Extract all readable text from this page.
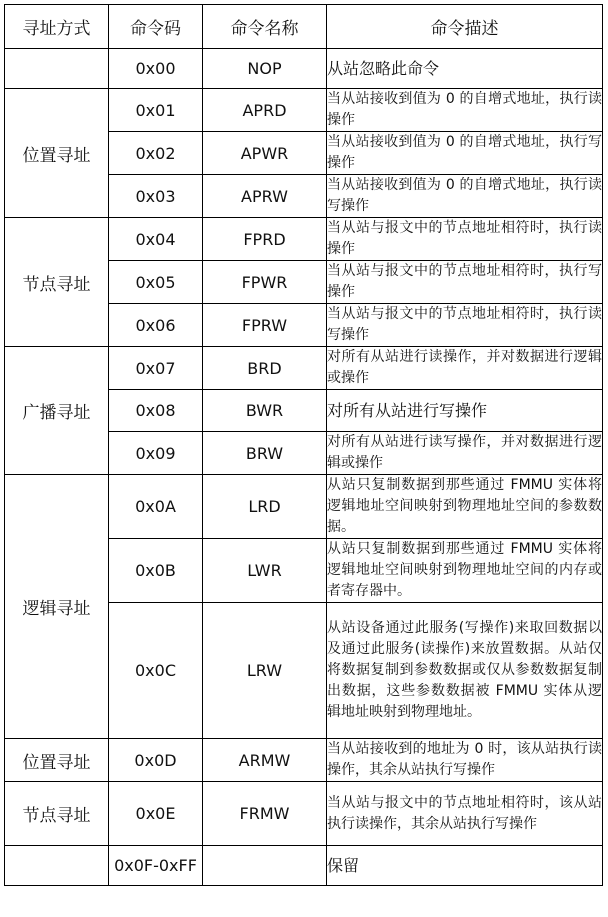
寻址方式	命令码	命令名称	命令描述
	0x00	NOP	从站忽略此命令
位置寻址	0x01	APRD	当从站接收到值为 0 的自增式地址，执行读操作
	0x02	APWR	当从站接收到值为 0 的自增式地址，执行写操作
	0x03	APRW	当从站接收到值为 0 的自增式地址，执行读写操作
节点寻址	0x04	FPRD	当从站与报文中的节点地址相符时，执行读操作
	0x05	FPWR	当从站与报文中的节点地址相符时，执行写操作
	0x06	FPRW	当从站与报文中的节点地址相符时，执行读写操作
广播寻址	0x07	BRD	对所有从站进行读操作，并对数据进行逻辑或操作
	0x08	BWR	对所有从站进行写操作
	0x09	BRW	对所有从站进行读写操作，并对数据进行逻辑或操作
逻辑寻址	0x0A	LRD	从站只复制数据到那些通过 FMMU 实体将逻辑地址空间映射到物理地址空间的参数数据。
	0x0B	LWR	从站只复制数据到那些通过 FMMU 实体将逻辑地址空间映射到物理地址空间的内存或者寄存器中。
	0x0C	LRW	从站设备通过此服务(写操作)来取回数据以及通过此服务(读操作)来放置数据。从站仅将数据复制到参数数据或仅从参数数据复制出数据，这些参数数据被 FMMU 实体从逻辑地址映射到物理地址。
位置寻址	0x0D	ARMW	当从站接收到的地址为 0 时，该从站执行读操作，其余从站执行写操作
节点寻址	0x0E	FRMW	当从站与报文中的节点地址相符时，该从站执行读操作，其余从站执行写操作
	0x0F-0xFF		保留
